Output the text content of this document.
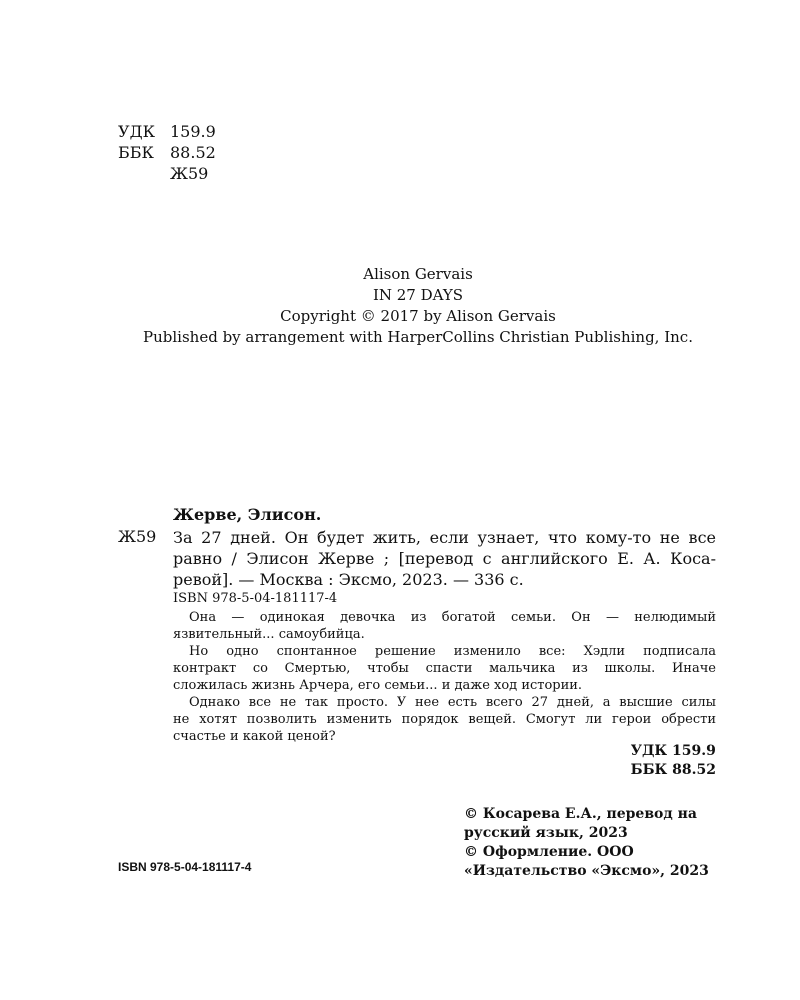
УДК 159.9
ББК	88.52
Ж59
Alison Gervais
IN 27 DAYS
Copyright © 2017 by Alison Gervais
Published by arrangement with HarperCollins Christian Publishing, Inc.
Жерве, Элисон.
Ж59 За 27 дней. Он будет жить, если узнает, что кому-то не все
равно / Элисон Жерве ; [перевод с английского Е. А. Коса-
ревой]. — Москва : Эксмо, 2023. — 336 с.
ISBN 978-5-04-181117-4
Она — одинокая девочка из богатой семьи. Он — нелюдимый
язвительный... самоубийца.
Но одно спонтанное решение изменило все: Хэдли подписала
контракт со Смертью, чтобы спасти мальчика из школы. Иначе
сложилась жизнь Арчера, его семьи... и даже ход истории.
Однако все не так просто. У нее есть всего 27 дней, а высшие силы
не хотят позволить изменить порядок вещей. Смогут ли герои обрести
счастье и какой ценой?
УДК 159.9
ББК 88.52
© Косарева Е.А., перевод на
русский язык, 2023
© Оформление. ООО
«Издательство «Эксмо», 2023
ISBN 978-5-04-181117-4
